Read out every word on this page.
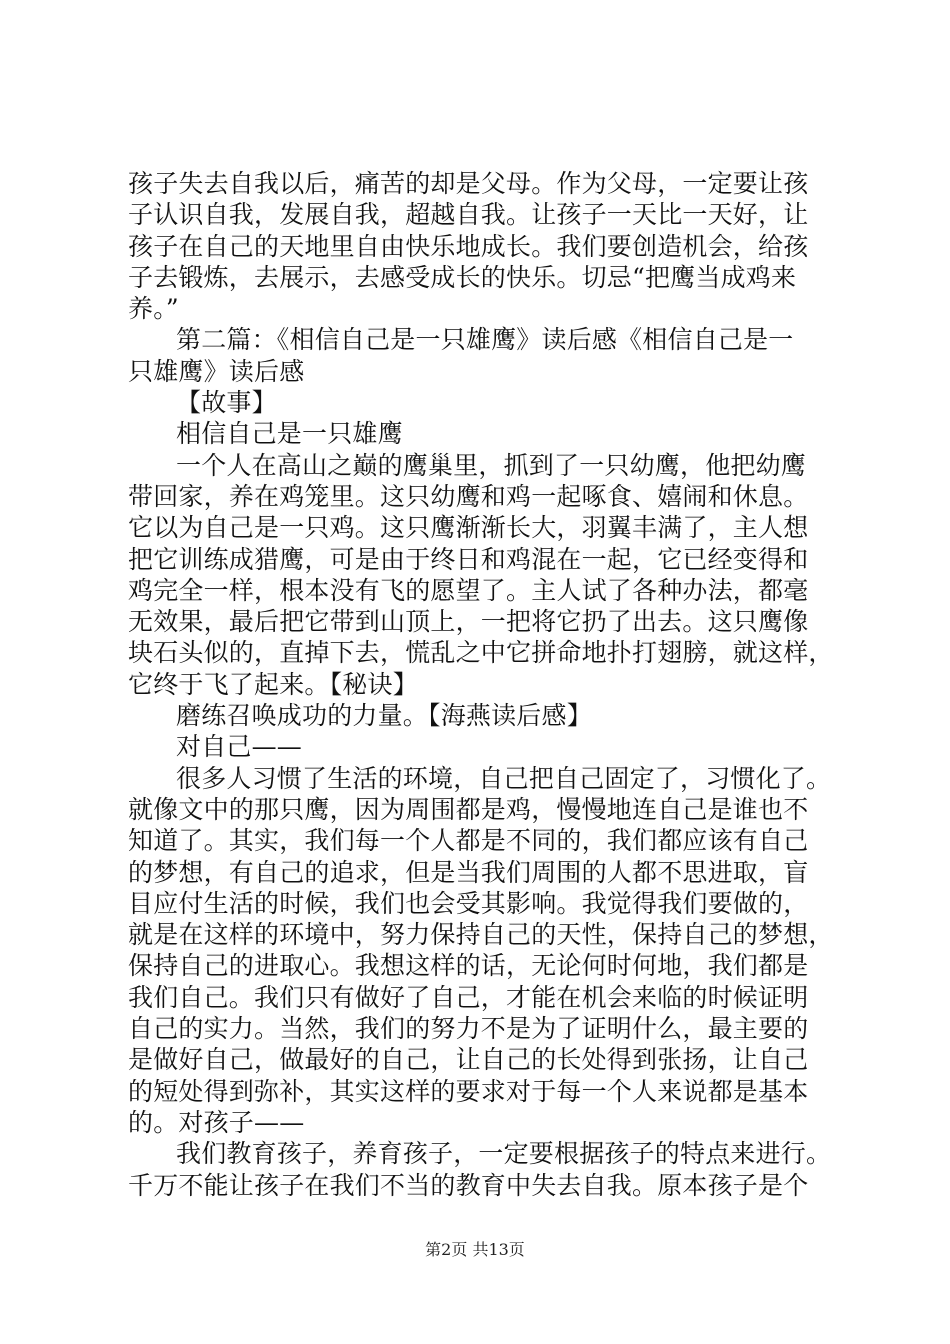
孩子失去自我以后，痛苦的却是父母。作为父母，一定要让孩
子认识自我，发展自我，超越自我。让孩子一天比一天好，让
孩子在自己的天地里自由快乐地成长。我们要创造机会，给孩
子去锻炼，去展示，去感受成长的快乐。切忌“把鹰当成鸡来
养。”
第二篇：《相信自己是一只雄鹰》读后感《相信自己是一
只雄鹰》读后感
【故事】
相信自己是一只雄鹰
一个人在高山之巅的鹰巢里，抓到了一只幼鹰，他把幼鹰
带回家，养在鸡笼里。这只幼鹰和鸡一起啄食、嬉闹和休息。
它以为自己是一只鸡。这只鹰渐渐长大，羽翼丰满了，主人想
把它训练成猎鹰，可是由于终日和鸡混在一起，它已经变得和
鸡完全一样，根本没有飞的愿望了。主人试了各种办法，都毫
无效果，最后把它带到山顶上，一把将它扔了出去。这只鹰像
块石头似的，直掉下去，慌乱之中它拼命地扑打翅膀，就这样，
它终于飞了起来。【秘诀】
磨练召唤成功的力量。【海燕读后感】
对自己——
很多人习惯了生活的环境，自己把自己固定了，习惯化了。
就像文中的那只鹰，因为周围都是鸡，慢慢地连自己是谁也不
知道了。其实，我们每一个人都是不同的，我们都应该有自己
的梦想，有自己的追求，但是当我们周围的人都不思进取，盲
目应付生活的时候，我们也会受其影响。我觉得我们要做的，
就是在这样的环境中，努力保持自己的天性，保持自己的梦想，
保持自己的进取心。我想这样的话，无论何时何地，我们都是
我们自己。我们只有做好了自己，才能在机会来临的时候证明
自己的实力。当然，我们的努力不是为了证明什么，最主要的
是做好自己，做最好的自己，让自己的长处得到张扬，让自己
的短处得到弥补，其实这样的要求对于每一个人来说都是基本
的。对孩子——
我们教育孩子，养育孩子，一定要根据孩子的特点来进行。
千万不能让孩子在我们不当的教育中失去自我。原本孩子是个
第2页 共13页
